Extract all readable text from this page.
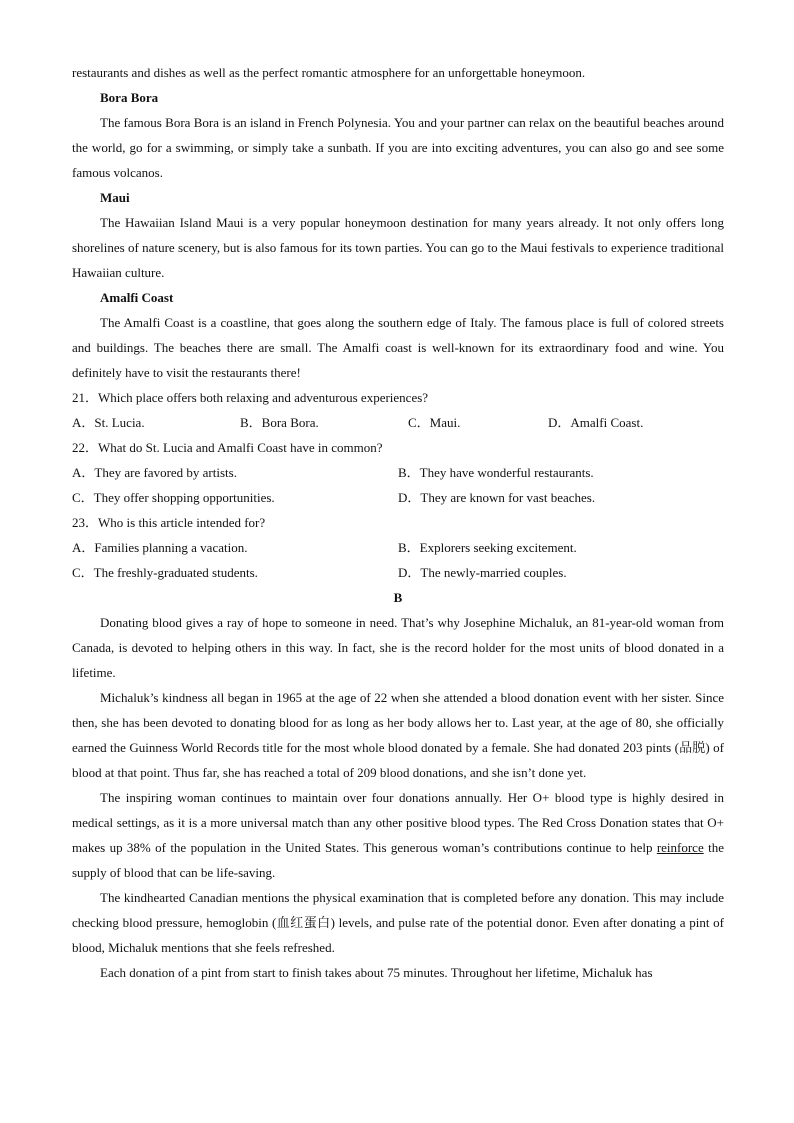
restaurants and dishes as well as the perfect romantic atmosphere for an unforgettable honeymoon.

Bora Bora

The famous Bora Bora is an island in French Polynesia. You and your partner can relax on the beautiful beaches around the world, go for a swimming, or simply take a sunbath. If you are into exciting adventures, you can also go and see some famous volcanos.

Maui

The Hawaiian Island Maui is a very popular honeymoon destination for many years already. It not only offers long shorelines of nature scenery, but is also famous for its town parties. You can go to the Maui festivals to experience traditional Hawaiian culture.

Amalfi Coast

The Amalfi Coast is a coastline, that goes along the southern edge of Italy. The famous place is full of colored streets and buildings. The beaches there are small. The Amalfi coast is well-known for its extraordinary food and wine. You definitely have to visit the restaurants there!

21．Which place offers both relaxing and adventurous experiences?

A．St. Lucia.	B．Bora Bora.	C．Maui.	D．Amalfi Coast.

22．What do St. Lucia and Amalfi Coast have in common?

A．They are favored by artists.	B．They have wonderful restaurants.
C．They offer shopping opportunities.	D．They are known for vast beaches.

23．Who is this article intended for?

A．Families planning a vacation.	B．Explorers seeking excitement.
C．The freshly-graduated students.	D．The newly-married couples.

B

Donating blood gives a ray of hope to someone in need. That’s why Josephine Michaluk, an 81-year-old woman from Canada, is devoted to helping others in this way. In fact, she is the record holder for the most units of blood donated in a lifetime.

Michaluk’s kindness all began in 1965 at the age of 22 when she attended a blood donation event with her sister. Since then, she has been devoted to donating blood for as long as her body allows her to. Last year, at the age of 80, she officially earned the Guinness World Records title for the most whole blood donated by a female. She had donated 203 pints (品脱) of blood at that point. Thus far, she has reached a total of 209 blood donations, and she isn’t done yet.

The inspiring woman continues to maintain over four donations annually. Her O+ blood type is highly desired in medical settings, as it is a more universal match than any other positive blood types. The Red Cross Donation states that O+ makes up 38% of the population in the United States. This generous woman’s contributions continue to help reinforce the supply of blood that can be life-saving.

The kindhearted Canadian mentions the physical examination that is completed before any donation. This may include checking blood pressure, hemoglobin (血红蛋白) levels, and pulse rate of the potential donor. Even after donating a pint of blood, Michaluk mentions that she feels refreshed.

Each donation of a pint from start to finish takes about 75 minutes. Throughout her lifetime, Michaluk has
